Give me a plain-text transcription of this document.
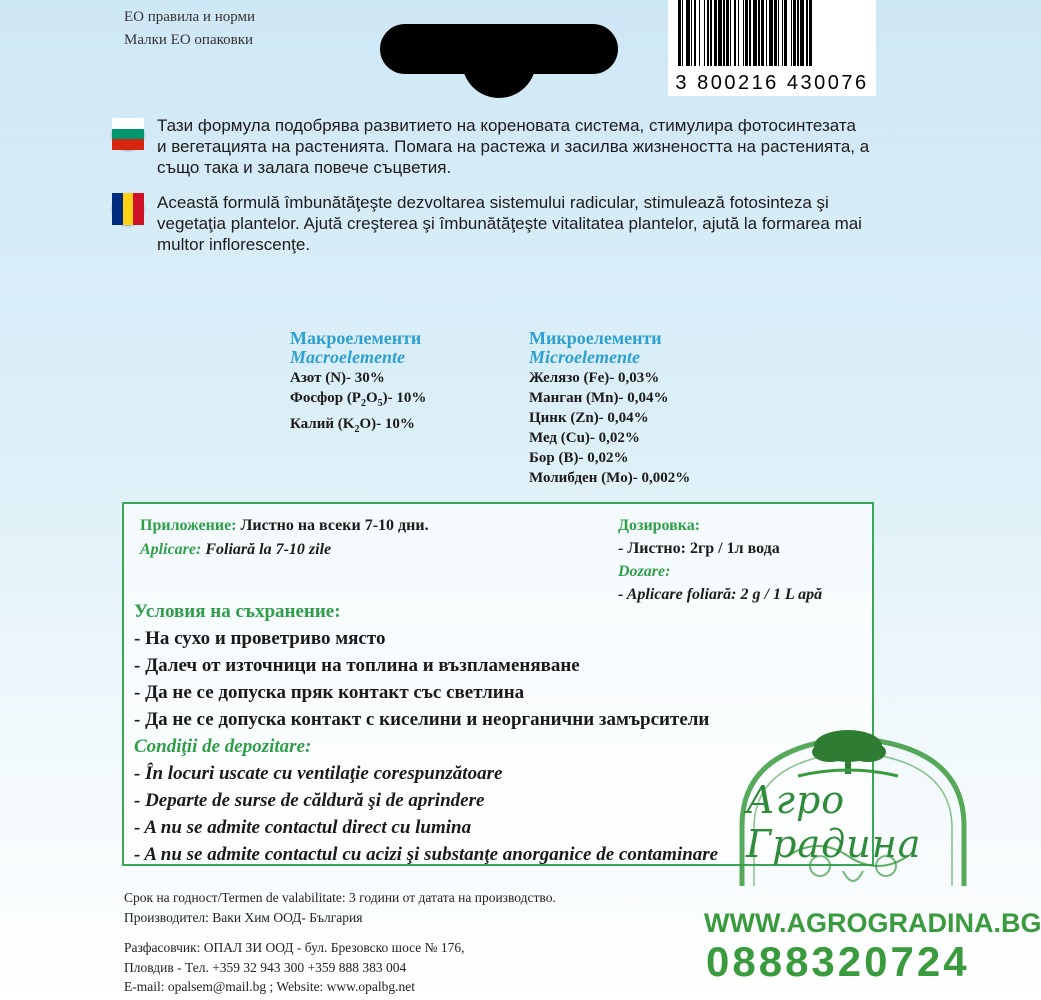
ЕО правила и норми
Малки ЕО опаковки
3 800216 430076
Тази формула подобрява развитието на кореновата система, стимулира фотосинтезата
и вегетацията на растенията. Помага на растежа и засилва жизнеността на растенията, а
също така и залага повече съцветия.
Această formulă îmbunătăţeşte dezvoltarea sistemului radicular, stimulează fotosinteza şi
vegetaţia plantelor. Ajută creşterea şi îmbunătăţeşte vitalitatea plantelor, ajută la formarea mai
multor inflorescenţe.
Макроелементи
Macroelemente
Азот (N)- 30%
Фосфор $(P_2O_5)-$ 10%
Калий $(K_2O)-$ 10%
Микроелементи
Microelemente
Желязо (Fe)- 0,03%
Манган (Mn)- 0,04%
Цинк (Zn)- 0,04%
Мед (Cu)- 0,02%
Бор (B)- 0,02%
Молибден (Mo)- 0,002%
Приложение: Листно на всеки 7-10 дни.
Aplicare: Foliară la 7-10 zile
Дозировка:
- Листно: 2гр / 1л вода
Dozare:
- Aplicare foliară: 2 g / 1 L apă
Условия на съхранение:
- На сухо и проветриво място
- Далеч от източници на топлина и възпламеняване
- Да не се допуска пряк контакт със светлина
- Да не се допуска контакт с киселини и неорганични замърсители
Condiţii de depozitare:
- În locuri uscate cu ventilaţie corespunzătoare
- Departe de surse de căldură şi de aprindere
- A nu se admite contactul direct cu lumina
- A nu se admite contactul cu acizi şi substanţe anorganice de contaminare
Срок на годност/Termen de valabilitate: 3 години от датата на производство.
Производител: Ваки Хим ООД- България
Разфасовчик: ОПАЛ ЗИ ООД - бул. Брезовско шосе № 176,
Пловдив - Тел. +359 32 943 300 +359 888 383 004
E-mail: opalsem@mail.bg ; Website: www.opalbg.net
Агро Градина
WWW.AGROGRADINA.BG
0888320724
